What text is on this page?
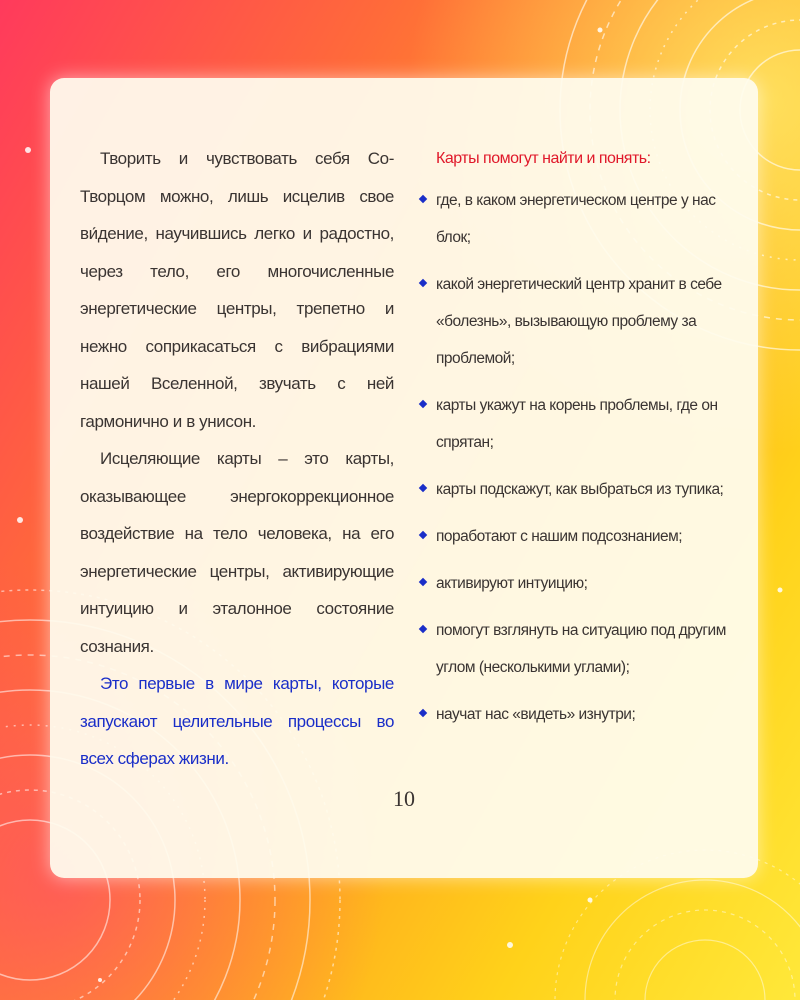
Творить и чувствовать себя Со-Творцом можно, лишь исцелив свое ви́дение, научившись легко и радостно, через тело, его многочисленные энергетические центры, трепетно и нежно соприкасаться с вибрациями нашей Вселенной, звучать с ней гармонично и в унисон.

Исцеляющие карты – это карты, оказывающее энергокоррекционное воздействие на тело человека, на его энергетические центры, активирующие интуицию и эталонное состояние сознания.

Это первые в мире карты, которые запускают целительные процессы во всех сферах жизни.

Карты помогут найти и понять:
где, в каком энергетическом центре у нас блок;
какой энергетический центр хранит в себе «болезнь», вызывающую проблему за проблемой;
карты укажут на корень проблемы, где он спрятан;
карты подскажут, как выбраться из тупика;
поработают с нашим подсознанием;
активируют интуицию;
помогут взглянуть на ситуацию под другим углом (несколькими углами);
научат нас «видеть» изнутри;
10
